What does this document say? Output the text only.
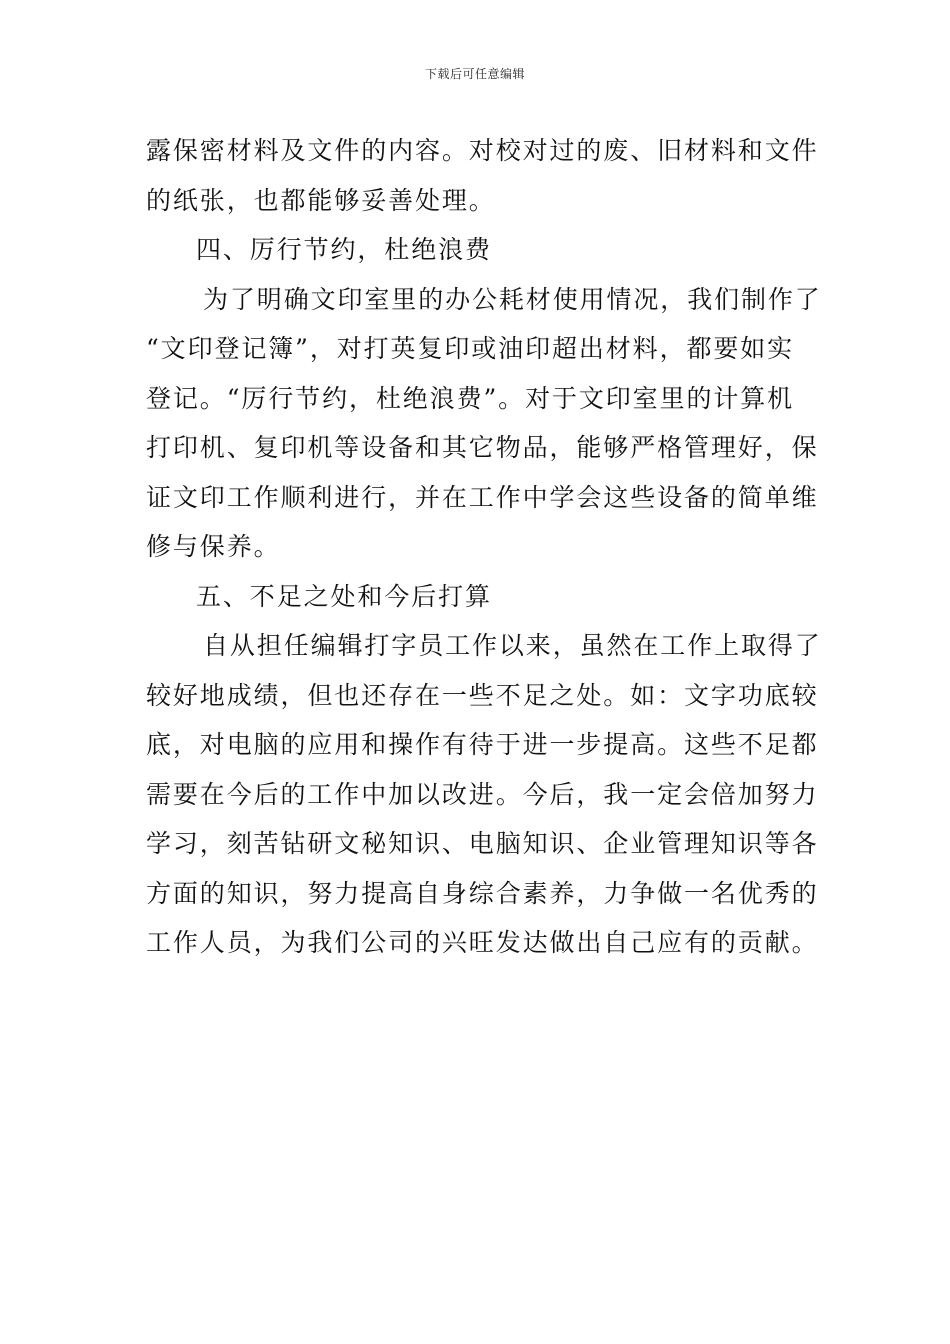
下载后可任意编辑
露保密材料及文件的内容。对校对过的废、旧材料和文件
的纸张，也都能够妥善处理。
四、厉行节约，杜绝浪费
为了明确文印室里的办公耗材使用情况，我们制作了
“文印登记簿”，对打英复印或油印超出材料，都要如实
登记。“厉行节约，杜绝浪费”。对于文印室里的计算机
打印机、复印机等设备和其它物品，能够严格管理好，保
证文印工作顺利进行，并在工作中学会这些设备的简单维
修与保养。
五、不足之处和今后打算
自从担任编辑打字员工作以来，虽然在工作上取得了
较好地成绩，但也还存在一些不足之处。如：文字功底较
底，对电脑的应用和操作有待于进一步提高。这些不足都
需要在今后的工作中加以改进。今后，我一定会倍加努力
学习，刻苦钻研文秘知识、电脑知识、企业管理知识等各
方面的知识，努力提高自身综合素养，力争做一名优秀的
工作人员，为我们公司的兴旺发达做出自己应有的贡献。
